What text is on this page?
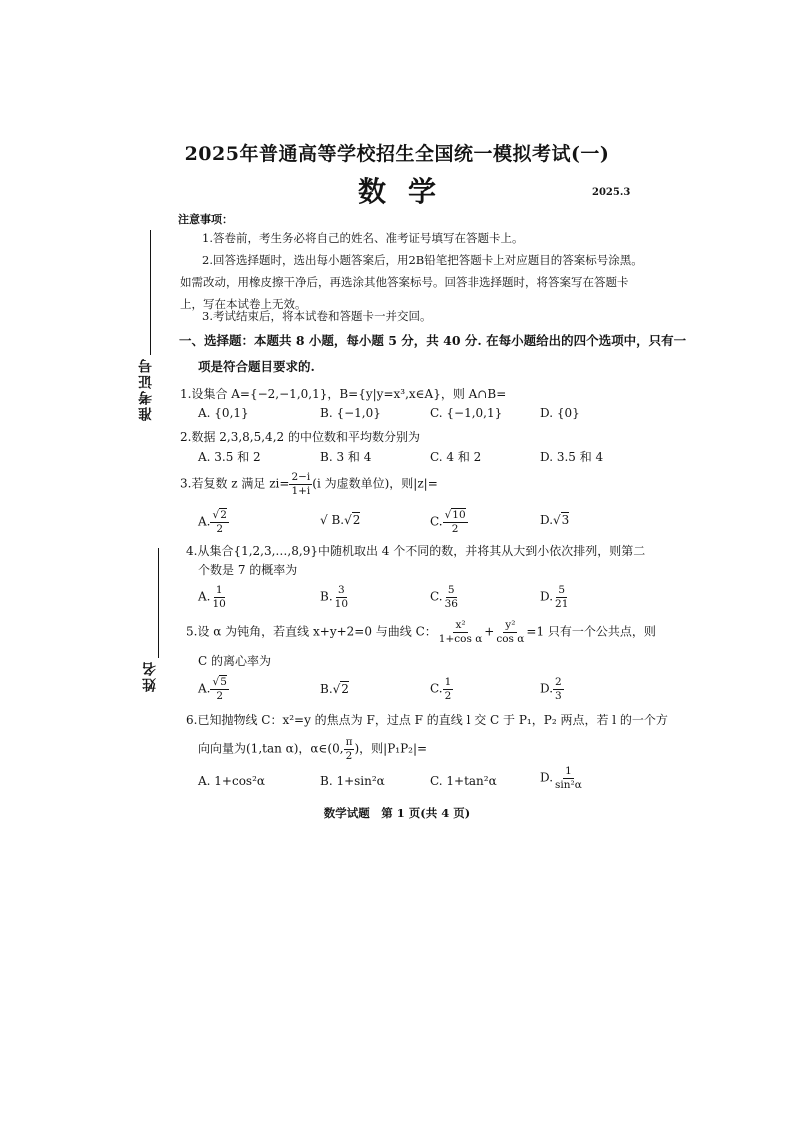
2025年普通高等学校招生全国统一模拟考试(一)
数学	2025.3
准考证号
姓名
注意事项：
1.答卷前，考生务必将自己的姓名、准考证号填写在答题卡上。
2.回答选择题时，选出每小题答案后，用2B铅笔把答题卡上对应题目的答案标号涂黑。如需改动，用橡皮擦干净后，再选涂其他答案标号。回答非选择题时，将答案写在答题卡上，写在本试卷上无效。
3.考试结束后，将本试卷和答题卡一并交回。
一、选择题：本题共 8 小题，每小题 5 分，共 40 分. 在每小题给出的四个选项中，只有一
项是符合题目要求的.
1.设集合 A={−2,−1,0,1}，B={y|y=x³,x∈A}，则 A∩B=
A. {0,1}	B. {−1,0}	C. {−1,0,1}	D. {0}
2.数据 2,3,8,5,4,2 的中位数和平均数分别为
A. 3.5 和 2	B. 3 和 4	C. 4 和 2	D. 3.5 和 4
3.若复数 z 满足 $zi= \frac{2-i}{1+i} (i$ 为虚数单位)，则|z|=
A. √ $\frac{2}{2}$	√ B.√2	C. $\frac{√10}{2}$	D.√3
4.从集合{1,2,3,…,8,9}中随机取出 4 个不同的数，并将其从大到小依次排列，则第二
个数是 7 的概率为
A. $\frac{1}{10}$	B. $\frac{3}{10}$	C. $\frac{5}{36}$	D. $\frac{5}{21}$
5.设 α 为钝角，若直线 x+y+2=0 与曲线 C： $\frac{\text{x²}}{\text{1+cos α}} + \frac{\text{y²}}{\text{cos α}} =1$ 只有一个公共点，则
C 的离心率为
A. $\frac{√5}{2}$	B.√2	C. $\frac{1}{2}$	D. $\frac{2}{3}$
6.已知抛物线 C：x²=y 的焦点为 F，过点 F 的直线 l 交 C 于 P₁，P₂ 两点，若 l 的一个方
向向量为(1,tan α)，α∈(0, $\frac{\pi}{2}$ )，则|P₁P₂|=
A. 1+cos²α	B. 1+sin²α	C. 1+tan²α	D. $\frac{1}{\text{sin²α}}$
数学试题　第 1 页(共 4 页)
